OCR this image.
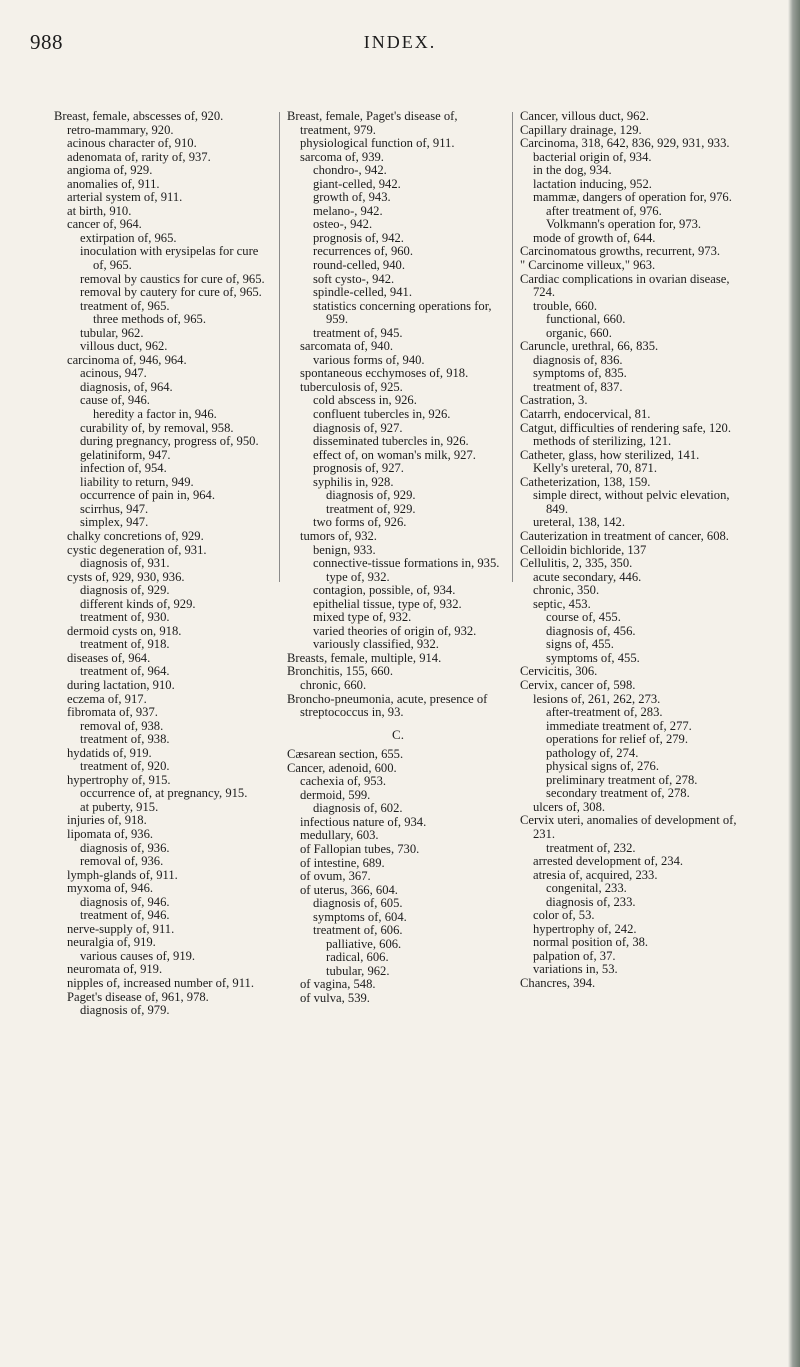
988	INDEX.
Breast, female, abscesses of, 920.
retro-mammary, 920.
acinous character of, 910.
adenomata of, rarity of, 937.
angioma of, 929.
anomalies of, 911.
arterial system of, 911.
at birth, 910.
cancer of, 964.
extirpation of, 965.
inoculation with erysipelas for cure of, 965.
removal by caustics for cure of, 965.
removal by cautery for cure of, 965.
treatment of, 965.
three methods of, 965.
tubular, 962.
villous duct, 962.
carcinoma of, 946, 964.
acinous, 947.
diagnosis, of, 964.
cause of, 946.
heredity a factor in, 946.
curability of, by removal, 958.
during pregnancy, progress of, 950.
gelatiniform, 947.
infection of, 954.
liability to return, 949.
occurrence of pain in, 964.
scirrhus, 947.
simplex, 947.
chalky concretions of, 929.
cystic degeneration of, 931.
diagnosis of, 931.
cysts of, 929, 930, 936.
diagnosis of, 929.
different kinds of, 929.
treatment of, 930.
dermoid cysts on, 918.
treatment of, 918.
diseases of, 964.
treatment of, 964.
during lactation, 910.
eczema of, 917.
fibromata of, 937.
removal of, 938.
treatment of, 938.
hydatids of, 919.
treatment of, 920.
hypertrophy of, 915.
occurrence of, at pregnancy, 915.
at puberty, 915.
injuries of, 918.
lipomata of, 936.
diagnosis of, 936.
removal of, 936.
lymph-glands of, 911.
myxoma of, 946.
diagnosis of, 946.
treatment of, 946.
nerve-supply of, 911.
neuralgia of, 919.
various causes of, 919.
neuromata of, 919.
nipples of, increased number of, 911.
Paget's disease of, 961, 978.
diagnosis of, 979.
Breast, female, Paget's disease of, treatment, 979.
physiological function of, 911.
sarcoma of, 939.
chondro-, 942.
giant-celled, 942.
growth of, 943.
melano-, 942.
osteo-, 942.
prognosis of, 942.
recurrences of, 960.
round-celled, 940.
soft cysto-, 942.
spindle-celled, 941.
statistics concerning operations for, 959.
treatment of, 945.
sarcomata of, 940.
various forms of, 940.
spontaneous ecchymoses of, 918.
tuberculosis of, 925.
cold abscess in, 926.
confluent tubercles in, 926.
diagnosis of, 927.
disseminated tubercles in, 926.
effect of, on woman's milk, 927.
prognosis of, 927.
syphilis in, 928.
diagnosis of, 929.
treatment of, 929.
two forms of, 926.
tumors of, 932.
benign, 933.
connective-tissue formations in, 935.
type of, 932.
contagion, possible, of, 934.
epithelial tissue, type of, 932.
mixed type of, 932.
varied theories of origin of, 932.
variously classified, 932.
Breasts, female, multiple, 914.
Bronchitis, 155, 660.
chronic, 660.
Broncho-pneumonia, acute, presence of streptococcus in, 93.
C.
Cæsarean section, 655.
Cancer, adenoid, 600.
cachexia of, 953.
dermoid, 599.
diagnosis of, 602.
infectious nature of, 934.
medullary, 603.
of Fallopian tubes, 730.
of intestine, 689.
of ovum, 367.
of uterus, 366, 604.
diagnosis of, 605.
symptoms of, 604.
treatment of, 606.
palliative, 606.
radical, 606.
tubular, 962.
of vagina, 548.
of vulva, 539.
Cancer, villous duct, 962.
Capillary drainage, 129.
Carcinoma, 318, 642, 836, 929, 931, 933.
bacterial origin of, 934.
in the dog, 934.
lactation inducing, 952.
mammæ, dangers of operation for, 976.
after treatment of, 976.
Volkmann's operation for, 973.
mode of growth of, 644.
Carcinomatous growths, recurrent, 973.
" Carcinome villeux," 963.
Cardiac complications in ovarian disease, 724.
trouble, 660.
functional, 660.
organic, 660.
Caruncle, urethral, 66, 835.
diagnosis of, 836.
symptoms of, 835.
treatment of, 837.
Castration, 3.
Catarrh, endocervical, 81.
Catgut, difficulties of rendering safe, 120.
methods of sterilizing, 121.
Catheter, glass, how sterilized, 141.
Kelly's ureteral, 70, 871.
Catheterization, 138, 159.
simple direct, without pelvic elevation, 849.
ureteral, 138, 142.
Cauterization in treatment of cancer, 608.
Celloidin bichloride, 137
Cellulitis, 2, 335, 350.
acute secondary, 446.
chronic, 350.
septic, 453.
course of, 455.
diagnosis of, 456.
signs of, 455.
symptoms of, 455.
Cervicitis, 306.
Cervix, cancer of, 598.
lesions of, 261, 262, 273.
after-treatment of, 283.
immediate treatment of, 277.
operations for relief of, 279.
pathology of, 274.
physical signs of, 276.
preliminary treatment of, 278.
secondary treatment of, 278.
ulcers of, 308.
Cervix uteri, anomalies of development of, 231.
treatment of, 232.
arrested development of, 234.
atresia of, acquired, 233.
congenital, 233.
diagnosis of, 233.
color of, 53.
hypertrophy of, 242.
normal position of, 38.
palpation of, 37.
variations in, 53.
Chancres, 394.
